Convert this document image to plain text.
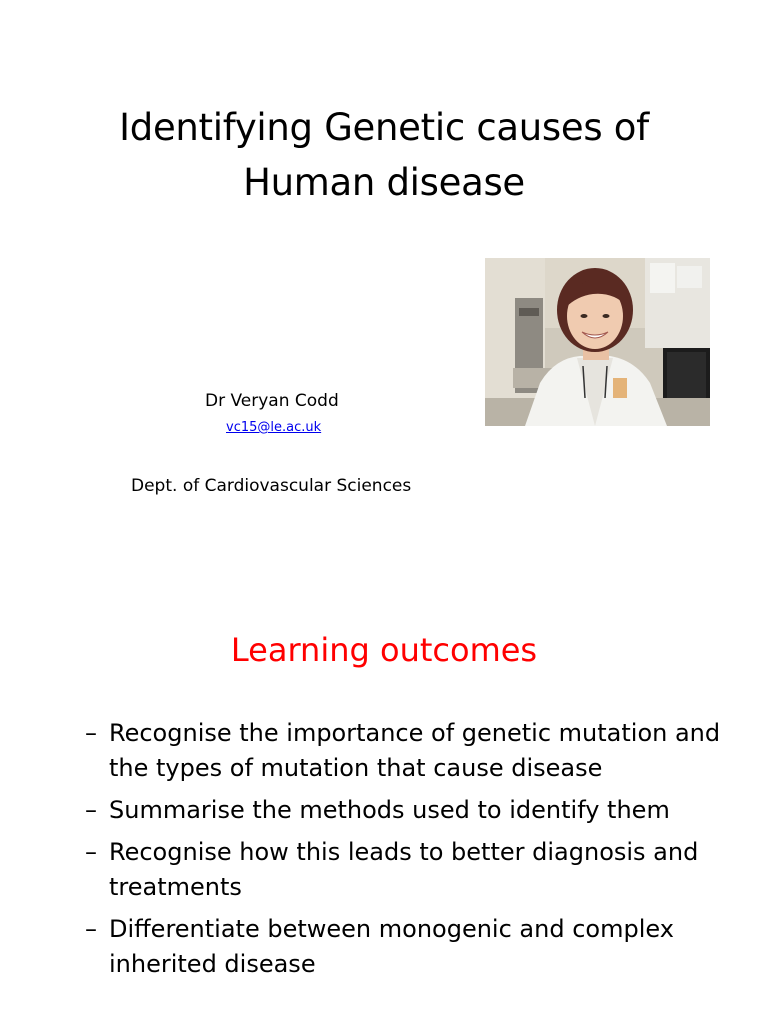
Identifying Genetic causes of
Human disease
Dr Veryan Codd
vc15@le.ac.uk
Dept. of Cardiovascular Sciences
Learning outcomes
– Recognise the importance of genetic mutation and the types of mutation that cause disease
– Summarise the methods used to identify them
– Recognise how this leads to better diagnosis and treatments
– Differentiate between monogenic and complex inherited disease
